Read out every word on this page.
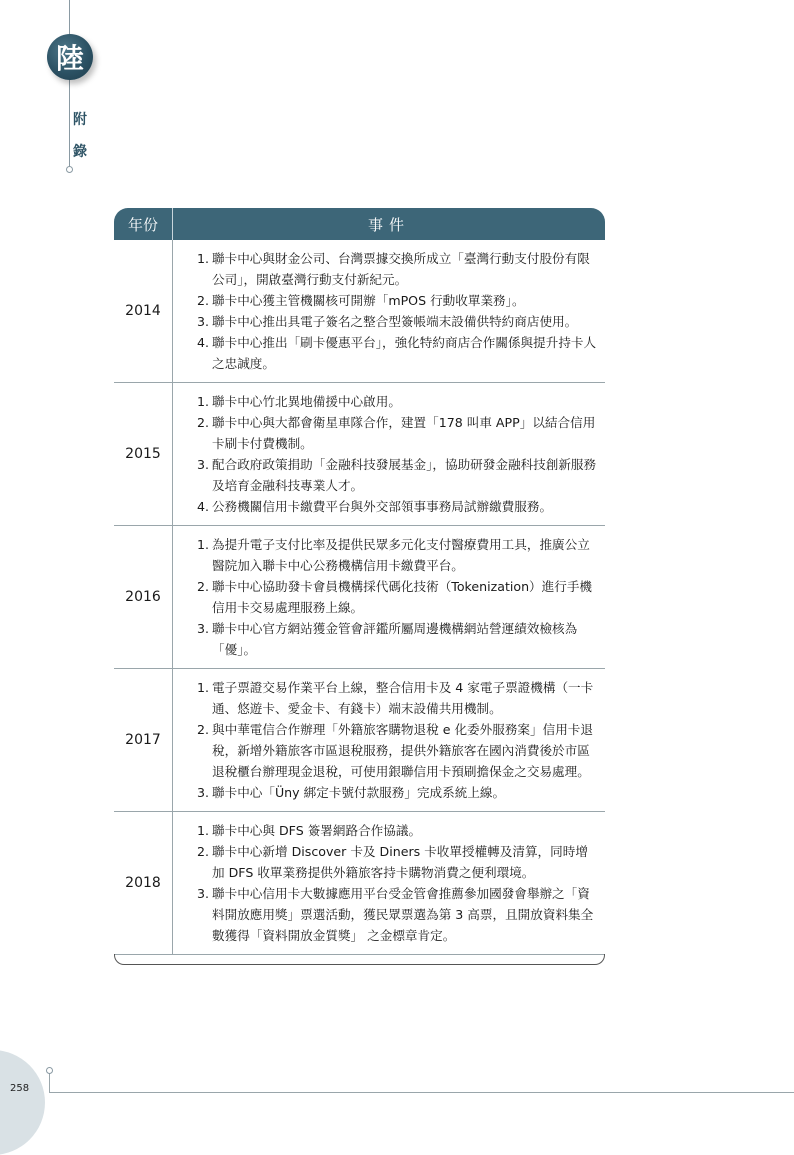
陸
附錄
年份	事件
2014
1. 聯卡中心與財金公司、台灣票據交換所成立「臺灣行動支付股份有限公司」，開啟臺灣行動支付新紀元。
2. 聯卡中心獲主管機關核可開辦「mPOS 行動收單業務」。
3. 聯卡中心推出具電子簽名之整合型簽帳端末設備供特約商店使用。
4. 聯卡中心推出「刷卡優惠平台」，強化特約商店合作關係與提升持卡人之忠誠度。
2015
1. 聯卡中心竹北異地備援中心啟用。
2. 聯卡中心與大都會衛星車隊合作，建置「178 叫車 APP」以結合信用卡刷卡付費機制。
3. 配合政府政策捐助「金融科技發展基金」，協助研發金融科技創新服務及培育金融科技專業人才。
4. 公務機關信用卡繳費平台與外交部領事事務局試辦繳費服務。
2016
1. 為提升電子支付比率及提供民眾多元化支付醫療費用工具，推廣公立醫院加入聯卡中心公務機構信用卡繳費平台。
2. 聯卡中心協助發卡會員機構採代碼化技術（Tokenization）進行手機信用卡交易處理服務上線。
3. 聯卡中心官方網站獲金管會評鑑所屬周邊機構網站營運績效檢核為「優」。
2017
1. 電子票證交易作業平台上線，整合信用卡及 4 家電子票證機構（一卡通、悠遊卡、愛金卡、有錢卡）端末設備共用機制。
2. 與中華電信合作辦理「外籍旅客購物退稅 e 化委外服務案」信用卡退稅，新增外籍旅客市區退稅服務，提供外籍旅客在國內消費後於市區退稅櫃台辦理現金退稅，可使用銀聯信用卡預刷擔保金之交易處理。
3. 聯卡中心「Üny 綁定卡號付款服務」完成系統上線。
2018
1. 聯卡中心與 DFS 簽署網路合作協議。
2. 聯卡中心新增 Discover 卡及 Diners 卡收單授權轉及清算，同時增加 DFS 收單業務提供外籍旅客持卡購物消費之便利環境。
3. 聯卡中心信用卡大數據應用平台受金管會推薦參加國發會舉辦之「資料開放應用獎」票選活動，獲民眾票選為第 3 高票，且開放資料集全數獲得「資料開放金質獎」 之金標章肯定。
258
